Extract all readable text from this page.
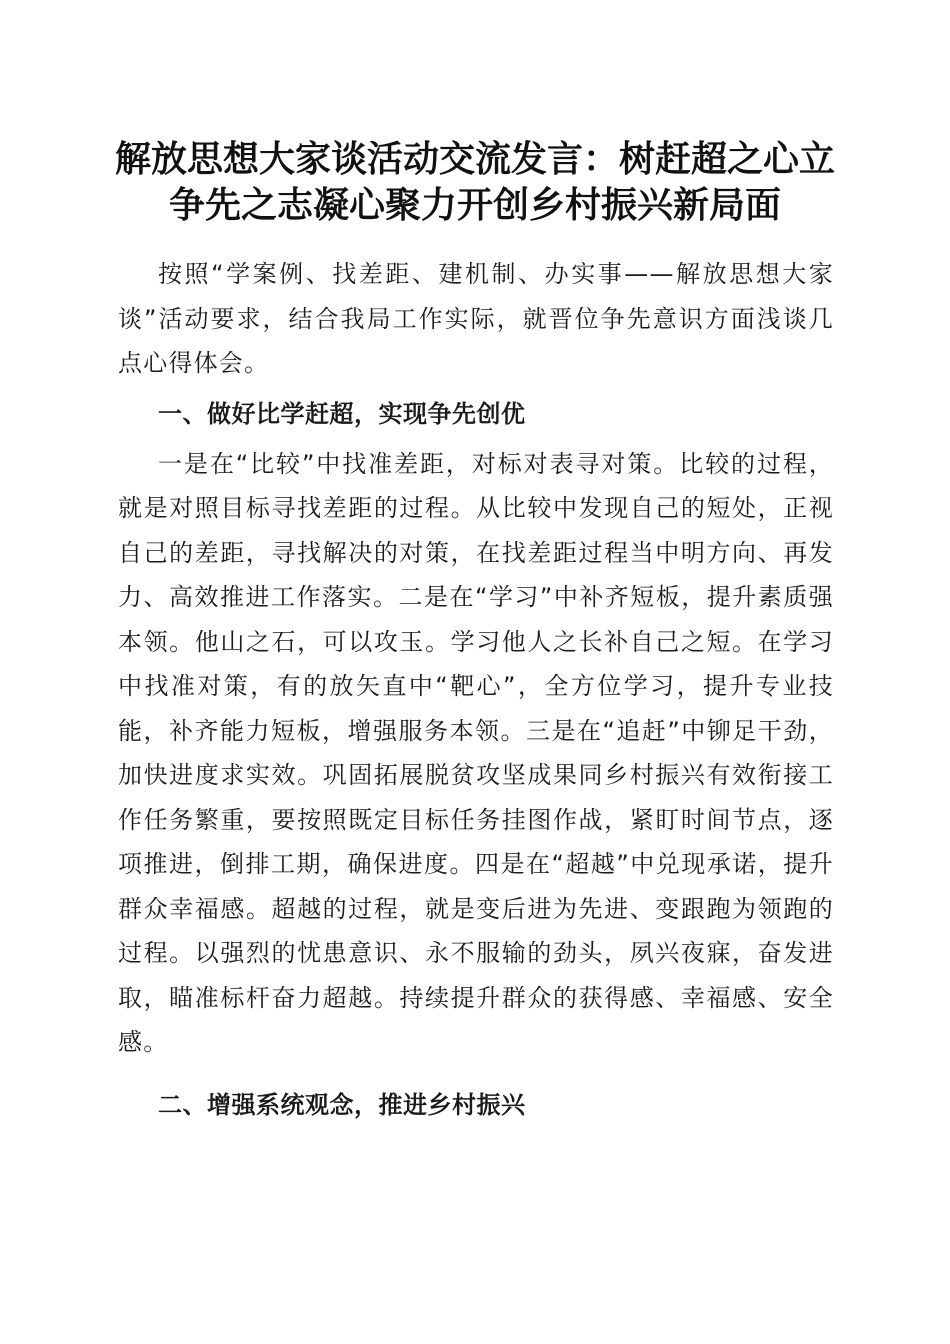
解放思想大家谈活动交流发言：树赶超之心立
争先之志凝心聚力开创乡村振兴新局面

按照“学案例、找差距、建机制、办实事——解放思想大家谈”活动要求，结合我局工作实际，就晋位争先意识方面浅谈几点心得体会。

一、做好比学赶超，实现争先创优

一是在“比较”中找准差距，对标对表寻对策。比较的过程，就是对照目标寻找差距的过程。从比较中发现自己的短处，正视自己的差距，寻找解决的对策，在找差距过程当中明方向、再发力、高效推进工作落实。二是在“学习”中补齐短板，提升素质强本领。他山之石，可以攻玉。学习他人之长补自己之短。在学习中找准对策，有的放矢直中“靶心”，全方位学习，提升专业技能，补齐能力短板，增强服务本领。三是在“追赶”中铆足干劲，加快进度求实效。巩固拓展脱贫攻坚成果同乡村振兴有效衔接工作任务繁重，要按照既定目标任务挂图作战，紧盯时间节点，逐项推进，倒排工期，确保进度。四是在“超越”中兑现承诺，提升群众幸福感。超越的过程，就是变后进为先进、变跟跑为领跑的过程。以强烈的忧患意识、永不服输的劲头，夙兴夜寐，奋发进取，瞄准标杆奋力超越。持续提升群众的获得感、幸福感、安全感。

二、增强系统观念，推进乡村振兴
